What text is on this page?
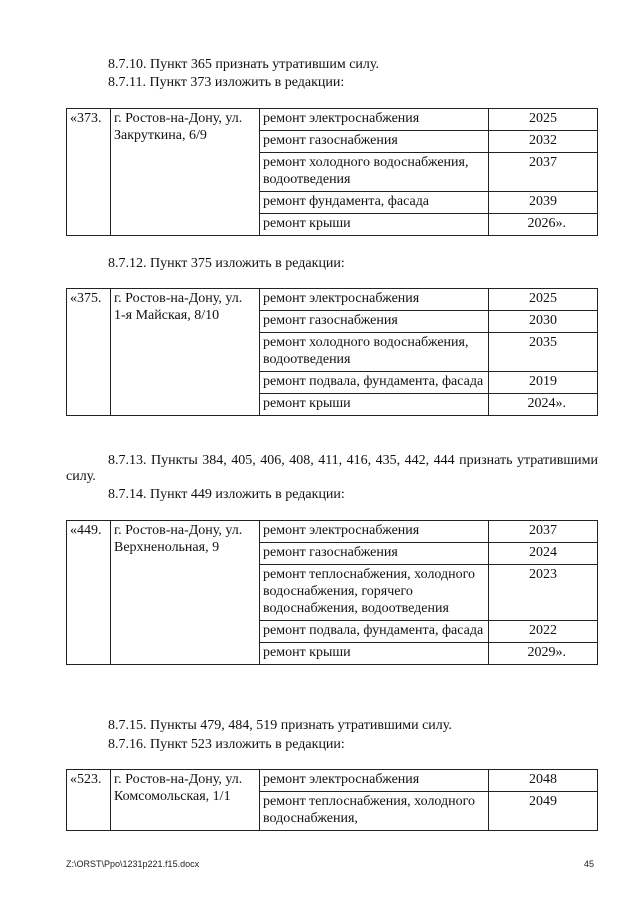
8.7.10. Пункт 365 признать утратившим силу.
8.7.11. Пункт 373 изложить в редакции:
«373.	г. Ростов-на-Дону, ул. Закруткина, 6/9	ремонт электроснабжения	2025
		ремонт газоснабжения	2032
		ремонт холодного водоснабжения, водоотведения	2037
		ремонт фундамента, фасада	2039
		ремонт крыши	2026».
8.7.12. Пункт 375 изложить в редакции:
«375.	г. Ростов-на-Дону, ул. 1-я Майская, 8/10	ремонт электроснабжения	2025
		ремонт газоснабжения	2030
		ремонт холодного водоснабжения, водоотведения	2035
		ремонт подвала, фундамента, фасада	2019
		ремонт крыши	2024».
8.7.13. Пункты 384, 405, 406, 408, 411, 416, 435, 442, 444 признать утратившими силу.
8.7.14. Пункт 449 изложить в редакции:
«449.	г. Ростов-на-Дону, ул. Верхненольная, 9	ремонт электроснабжения	2037
		ремонт газоснабжения	2024
		ремонт теплоснабжения, холодного водоснабжения, горячего водоснабжения, водоотведения	2023
		ремонт подвала, фундамента, фасада	2022
		ремонт крыши	2029».
8.7.15. Пункты 479, 484, 519 признать утратившими силу.
8.7.16. Пункт 523 изложить в редакции:
«523.	г. Ростов-на-Дону, ул. Комсомольская, 1/1	ремонт электроснабжения	2048
		ремонт теплоснабжения, холодного водоснабжения,	2049
Z:\ORST\Ppo\1231p221.f15.docx	45
